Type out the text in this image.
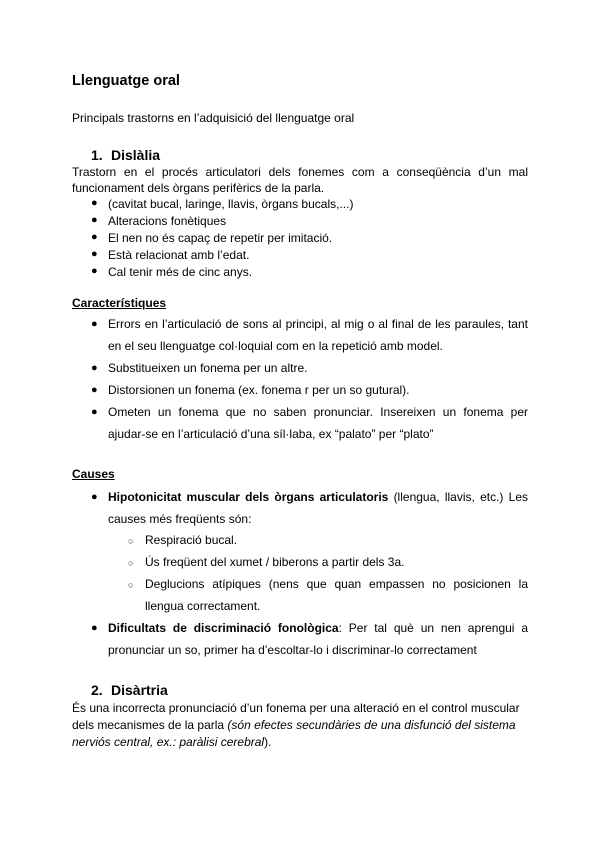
Llenguatge oral
Principals trastorns en l’adquisició del llenguatge oral
1. Dislàlia
Trastorn en el procés articulatori dels fonemes com a conseqüència d’un mal
funcionament dels òrgans perifèrics de la parla.
● (cavitat bucal, laringe, llavis, òrgans bucals,...)
● Alteracions fonètiques
● El nen no és capaç de repetir per imitació.
● Està relacionat amb l’edat.
● Cal tenir més de cinc anys.
Característiques
● Errors en l’articulació de sons al principi, al mig o al final de les paraules, tant en el seu llenguatge col·loquial com en la repetició amb model.
● Substitueixen un fonema per un altre.
● Distorsionen un fonema (ex. fonema r per un so gutural).
● Ometen un fonema que no saben pronunciar. Insereixen un fonema per ajudar-se en l’articulació d’una síl·laba, ex “palato” per “plato”
Causes
● Hipotonicitat muscular dels òrgans articulatoris (llengua, llavis, etc.) Les causes més freqüents són:
○ Respiració bucal.
○ Ús freqüent del xumet / biberons a partir dels 3a.
○ Deglucions atípiques (nens que quan empassen no posicionen la llengua correctament.
● Dificultats de discriminació fonològica: Per tal què un nen aprengui a pronunciar un so, primer ha d’escoltar-lo i discriminar-lo correctament
2. Disàrtria
És una incorrecta pronunciació d’un fonema per una alteració en el control muscular dels mecanismes de la parla (són efectes secundàries de una disfunció del sistema nerviós central, ex.: paràlisi cerebral).
